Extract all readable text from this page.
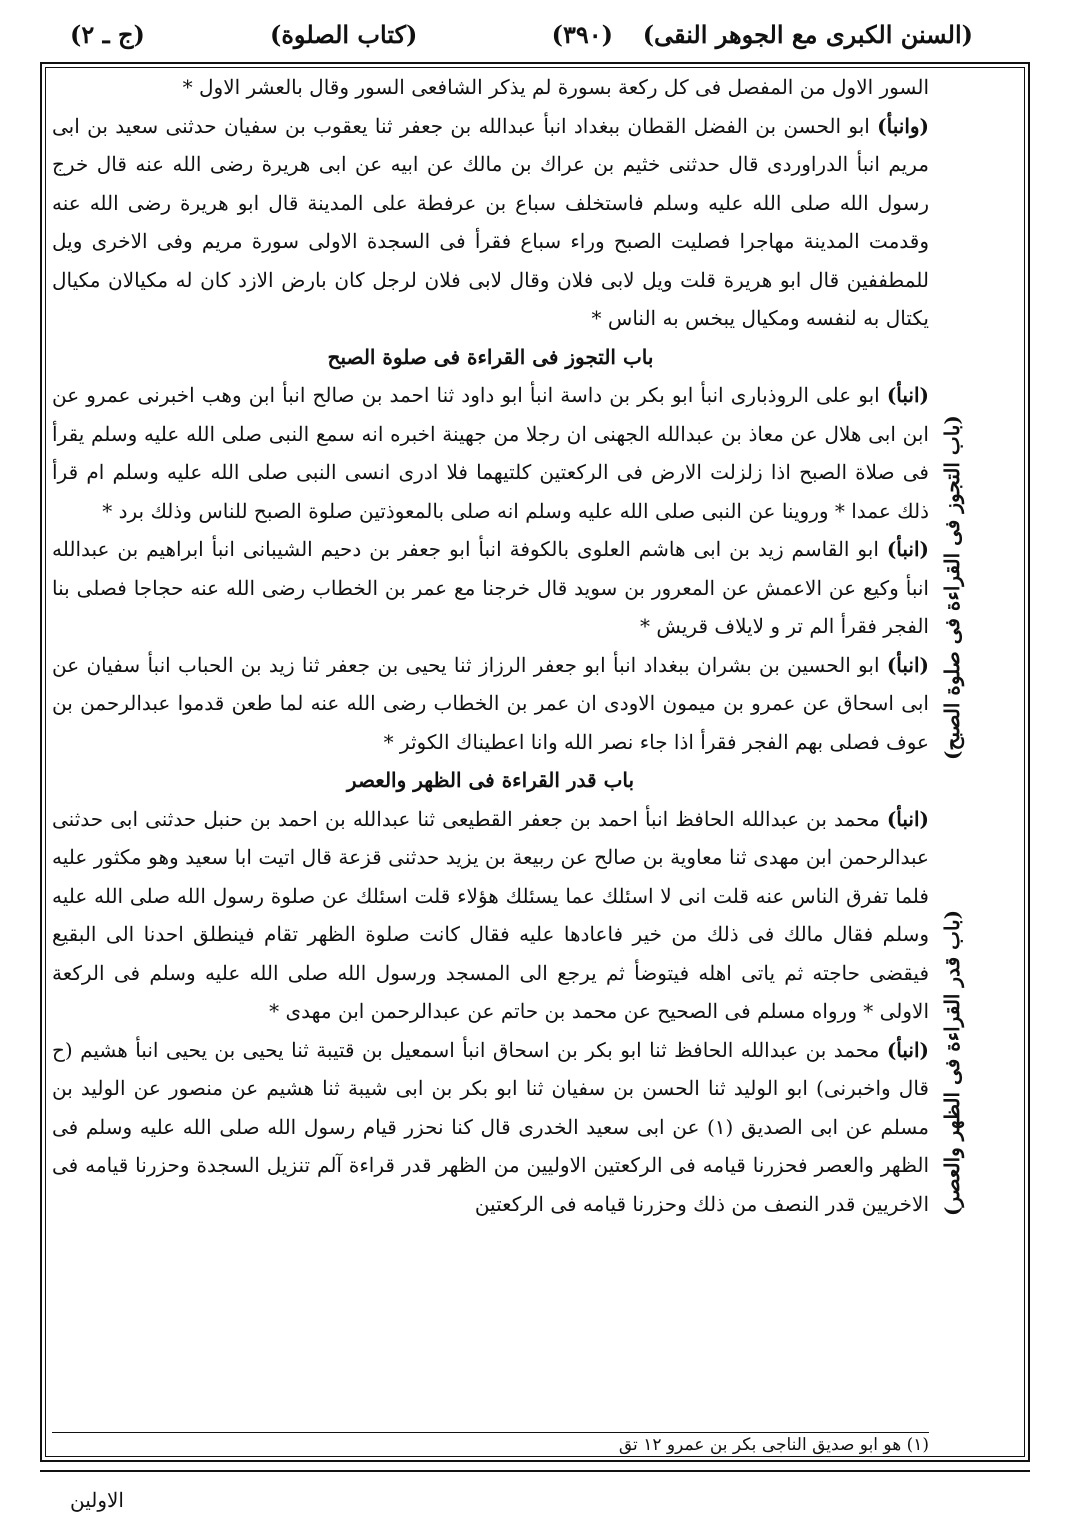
(السنن الكبرى مع الجوهر النقى)
(٣٩٠)
(كتاب الصلوة)
(ج ـ ٢)

السور الاول من المفصل فى كل ركعة بسورة لم يذكر الشافعى السور وقال بالعشر الاول *

(وانبأ) ابو الحسن بن الفضل القطان ببغداد انبأ عبدالله بن جعفر ثنا يعقوب بن سفيان حدثنى سعيد بن ابى مريم انبأ الدراوردى قال حدثنى خثيم بن عراك بن مالك عن ابيه عن ابى هريرة رضى الله عنه قال خرج رسول الله صلى الله عليه وسلم فاستخلف سباع بن عرفطة على المدينة قال ابو هريرة رضى الله عنه وقدمت المدينة مهاجرا فصليت الصبح وراء سباع فقرأ فى السجدة الاولى سورة مريم وفى الاخرى ويل للمطففين قال ابو هريرة قلت ويل لابى فلان وقال لابى فلان لرجل كان بارض الازد كان له مكيالان مكيال يكتال به لنفسه ومكيال يبخس به الناس *

باب التجوز فى القراءة فى صلوة الصبح

(انبأ) ابو على الروذبارى انبأ ابو بكر بن داسة انبأ ابو داود ثنا احمد بن صالح انبأ ابن وهب اخبرنى عمرو عن ابن ابى هلال عن معاذ بن عبدالله الجهنى ان رجلا من جهينة اخبره انه سمع النبى صلى الله عليه وسلم يقرأ فى صلاة الصبح اذا زلزلت الارض فى الركعتين كلتيهما فلا ادرى انسى النبى صلى الله عليه وسلم ام قرأ ذلك عمدا * وروينا عن النبى صلى الله عليه وسلم انه صلى بالمعوذتين صلوة الصبح للناس وذلك برد *

(انبأ) ابو القاسم زيد بن ابى هاشم العلوى بالكوفة انبأ ابو جعفر بن دحيم الشيبانى انبأ ابراهيم بن عبدالله انبأ وكيع عن الاعمش عن المعرور بن سويد قال خرجنا مع عمر بن الخطاب رضى الله عنه حجاجا فصلى بنا الفجر فقرأ الم تر و لايلاف قريش *

(انبأ) ابو الحسين بن بشران ببغداد انبأ ابو جعفر الرزاز ثنا يحيى بن جعفر ثنا زيد بن الحباب انبأ سفيان عن ابى اسحاق عن عمرو بن ميمون الاودى ان عمر بن الخطاب رضى الله عنه لما طعن قدموا عبدالرحمن بن عوف فصلى بهم الفجر فقرأ اذا جاء نصر الله وانا اعطيناك الكوثر *

باب قدر القراءة فى الظهر والعصر

(انبأ) محمد بن عبدالله الحافظ انبأ احمد بن جعفر القطيعى ثنا عبدالله بن احمد بن حنبل حدثنى ابى حدثنى عبدالرحمن ابن مهدى ثنا معاوية بن صالح عن ربيعة بن يزيد حدثنى قزعة قال اتيت ابا سعيد وهو مكثور عليه فلما تفرق الناس عنه قلت انى لا اسئلك عما يسئلك هؤلاء قلت اسئلك عن صلوة رسول الله صلى الله عليه وسلم فقال مالك فى ذلك من خير فاعادها عليه فقال كانت صلوة الظهر تقام فينطلق احدنا الى البقيع فيقضى حاجته ثم ياتى اهله فيتوضأ ثم يرجع الى المسجد ورسول الله صلى الله عليه وسلم فى الركعة الاولى * ورواه مسلم فى الصحيح عن محمد بن حاتم عن عبدالرحمن ابن مهدى *

(انبأ) محمد بن عبدالله الحافظ ثنا ابو بكر بن اسحاق انبأ اسمعيل بن قتيبة ثنا يحيى بن يحيى انبأ هشيم (ح قال واخبرنى) ابو الوليد ثنا الحسن بن سفيان ثنا ابو بكر بن ابى شيبة ثنا هشيم عن منصور عن الوليد بن مسلم عن ابى الصديق (١) عن ابى سعيد الخدرى قال كنا نحزر قيام رسول الله صلى الله عليه وسلم فى الظهر والعصر فحزرنا قيامه فى الركعتين الاوليين من الظهر قدر قراءة آلم تنزيل السجدة وحزرنا قيامه فى الاخريين قدر النصف من ذلك وحزرنا قيامه فى الركعتين

(١) هو ابو صديق الناجى بكر بن عمرو ١٢ تق
(باب التجوز فى القراءة فى صلوة الصبح)
(باب قدر القراءة فى الظهر والعصر)
الاولين
